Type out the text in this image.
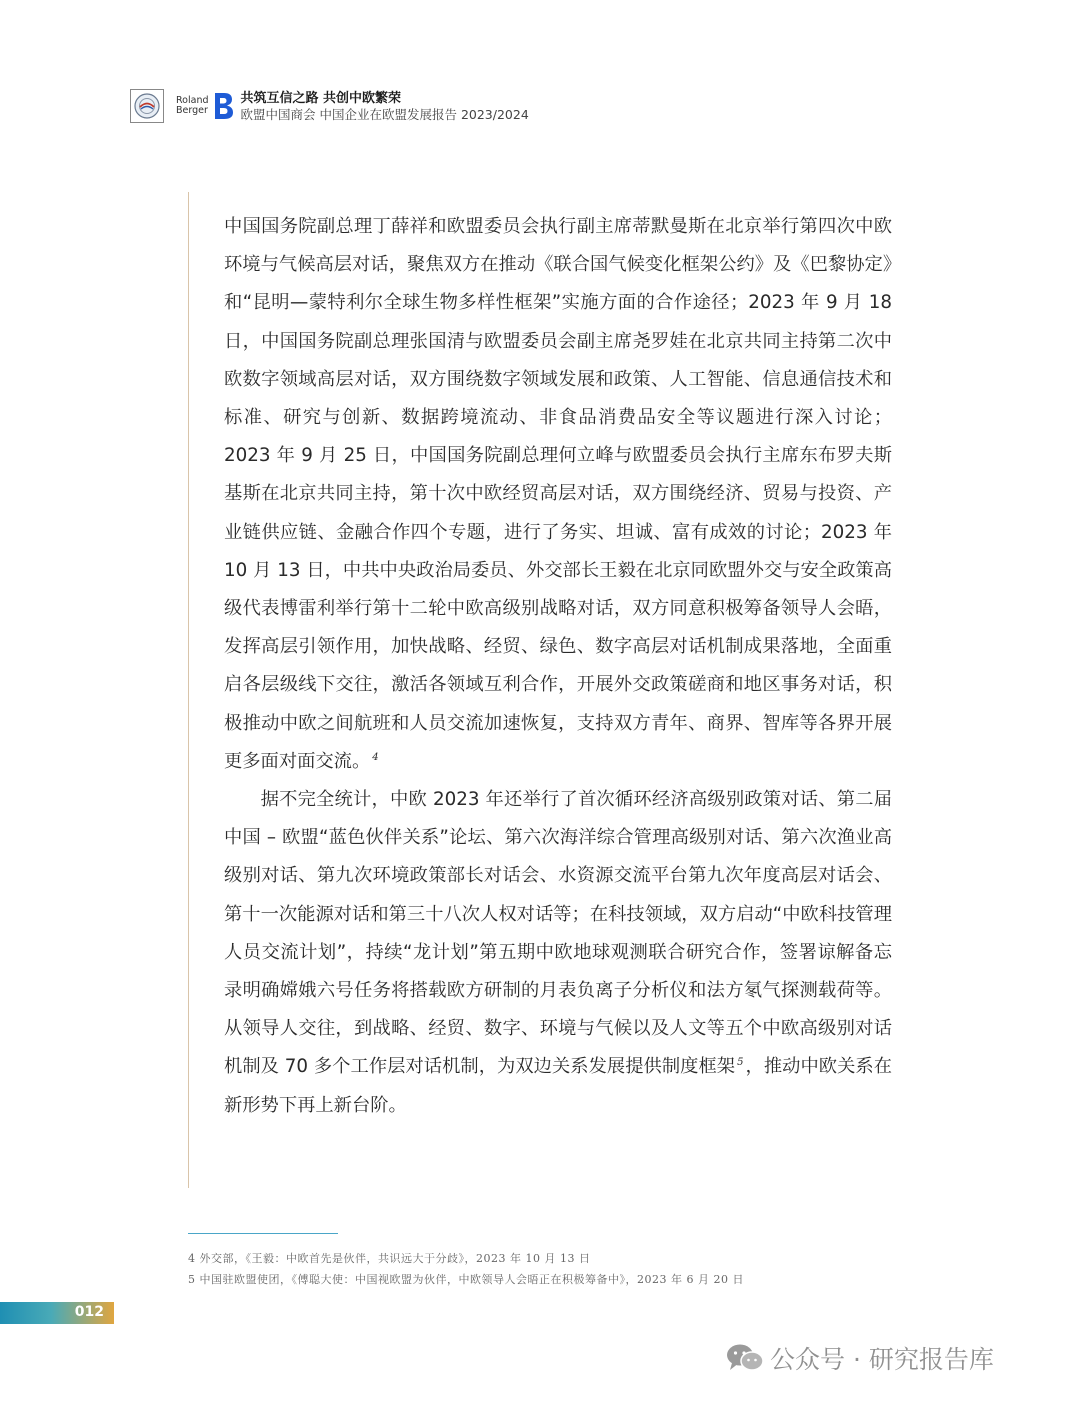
Roland
Berger
共筑互信之路 共创中欧繁荣
欧盟中国商会 中国企业在欧盟发展报告 2023/2024

中国国务院副总理丁薛祥和欧盟委员会执行副主席蒂默曼斯在北京举行第四次中欧环境与气候高层对话，聚焦双方在推动《联合国气候变化框架公约》及《巴黎协定》和“昆明—蒙特利尔全球生物多样性框架”实施方面的合作途径；2023 年 9 月 18 日，中国国务院副总理张国清与欧盟委员会副主席尧罗娃在北京共同主持第二次中欧数字领域高层对话，双方围绕数字领域发展和政策、人工智能、信息通信技术和标准、研究与创新、数据跨境流动、非食品消费品安全等议题进行深入讨论；2023 年 9 月 25 日，中国国务院副总理何立峰与欧盟委员会执行主席东布罗夫斯基斯在北京共同主持，第十次中欧经贸高层对话，双方围绕经济、贸易与投资、产业链供应链、金融合作四个专题，进行了务实、坦诚、富有成效的讨论；2023 年 10 月 13 日，中共中央政治局委员、外交部长王毅在北京同欧盟外交与安全政策高级代表博雷利举行第十二轮中欧高级别战略对话，双方同意积极筹备领导人会晤，发挥高层引领作用，加快战略、经贸、绿色、数字高层对话机制成果落地，全面重启各层级线下交往，激活各领域互利合作，开展外交政策磋商和地区事务对话，积极推动中欧之间航班和人员交流加速恢复，支持双方青年、商界、智库等各界开展更多面对面交流。 $^4$

据不完全统计，中欧 2023 年还举行了首次循环经济高级别政策对话、第二届中国 – 欧盟“蓝色伙伴关系”论坛、第六次海洋综合管理高级别对话、第六次渔业高级别对话、第九次环境政策部长对话会、水资源交流平台第九次年度高层对话会、第十一次能源对话和第三十八次人权对话等；在科技领域，双方启动“中欧科技管理人员交流计划”，持续“龙计划”第五期中欧地球观测联合研究合作，签署谅解备忘录明确嫦娥六号任务将搭载欧方研制的月表负离子分析仪和法方氡气探测载荷等。从领导人交往，到战略、经贸、数字、环境与气候以及人文等五个中欧高级别对话机制及 70 多个工作层对话机制，为双边关系发展提供制度框架 $^5$ ，推动中欧关系在新形势下再上新台阶。

4 外交部，《王毅：中欧首先是伙伴，共识远大于分歧》，2023 年 10 月 13 日
5 中国驻欧盟使团，《傅聪大使：中国视欧盟为伙伴，中欧领导人会晤正在积极筹备中》，2023 年 6 月 20 日
012
公众号 · 研究报告库
